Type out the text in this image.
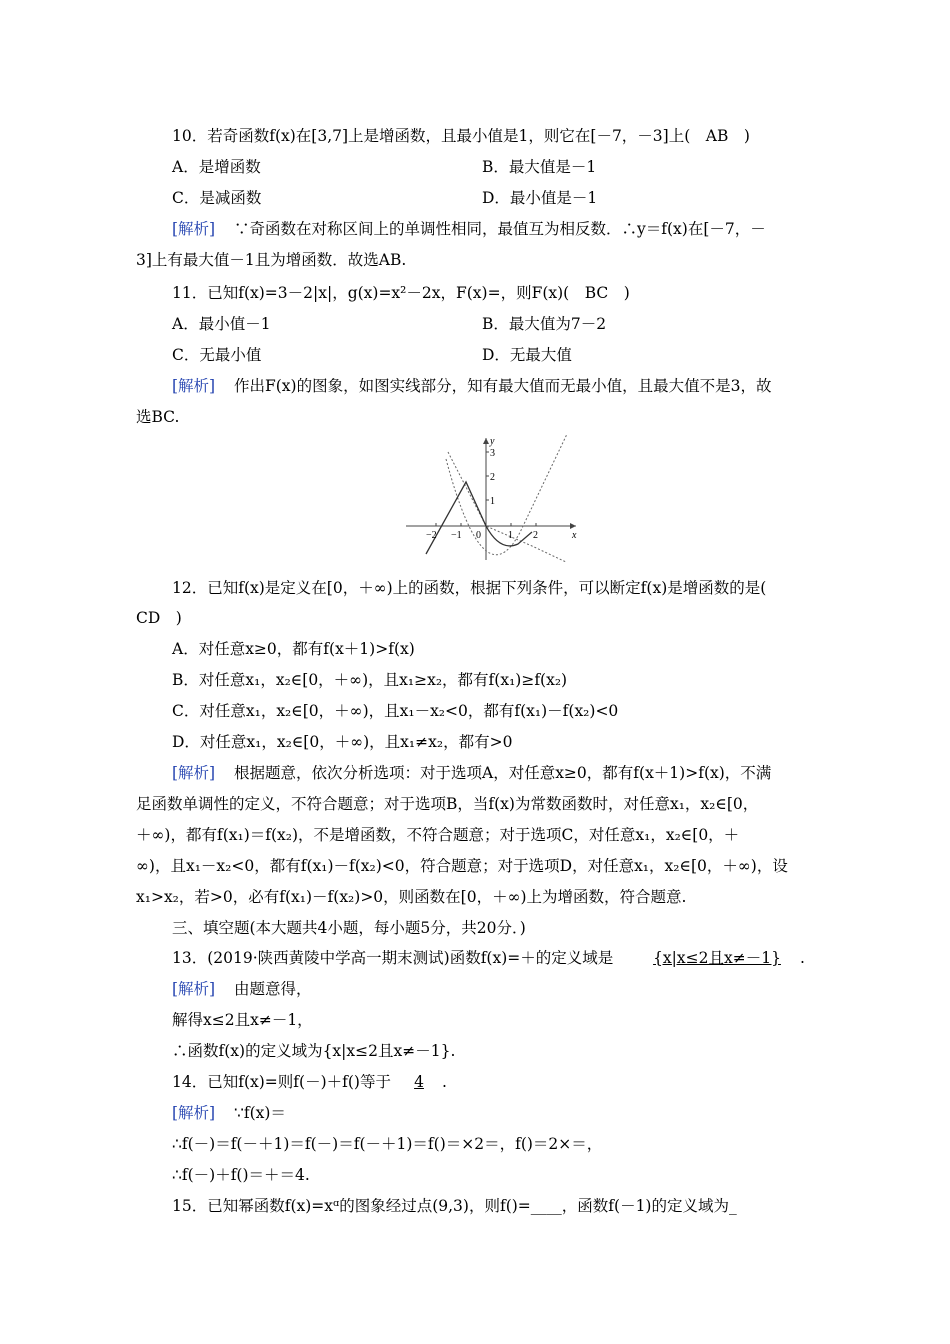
10．若奇函数f(x)在[3,7]上是增函数，且最小值是1，则它在[－7，－3]上(　AB　)
A．是增函数	B．最大值是－1
C．是减函数	D．最小值是－1
[解析] ∵奇函数在对称区间上的单调性相同，最值互为相反数．∴y＝f(x)在[－7，－
3]上有最大值－1且为增函数．故选AB.
11．已知f(x)=3－2|x|，g(x)=x²－2x，F(x)=，则F(x)(　BC　)
A．最小值－1	B．最大值为7－2
C．无最小值	D．无最大值
[解析] 作出F(x)的图象，如图实线部分，知有最大值而无最小值，且最大值不是3，故
选BC.
−2 −1 0	1 2	x
y
3
2
1
12．已知f(x)是定义在[0，＋∞)上的函数，根据下列条件，可以断定f(x)是增函数的是(
CD　)
A．对任意x≥0，都有f(x＋1)>f(x)
B．对任意x₁，x₂∈[0，＋∞)，且x₁≥x₂，都有f(x₁)≥f(x₂)
C．对任意x₁，x₂∈[0，＋∞)，且x₁－x₂<0，都有f(x₁)－f(x₂)<0
D．对任意x₁，x₂∈[0，＋∞)，且x₁≠x₂，都有>0
[解析] 根据题意，依次分析选项：对于选项A，对任意x≥0，都有f(x＋1)>f(x)，不满
足函数单调性的定义，不符合题意；对于选项B，当f(x)为常数函数时，对任意x₁，x₂∈[0，
＋∞)，都有f(x₁)＝f(x₂)，不是增函数，不符合题意；对于选项C，对任意x₁，x₂∈[0，＋
∞)，且x₁－x₂<0，都有f(x₁)－f(x₂)<0，符合题意；对于选项D，对任意x₁，x₂∈[0，＋∞)，设
x₁>x₂，若>0，必有f(x₁)－f(x₂)>0，则函数在[0，＋∞)上为增函数，符合题意.
三、填空题(本大题共4小题，每小题5分，共20分．)
13．(2019·陕西黄陵中学高一期末测试)函数f(x)=＋的定义域是	{x|x≤2且x≠－1}	.
[解析] 由题意得，
解得x≤2且x≠－1，
∴函数f(x)的定义域为{x|x≤2且x≠－1}.
14．已知f(x)=则f(－)＋f()等于	4	.
[解析] ∵f(x)＝
∴f(－)＝f(－＋1)＝f(－)＝f(－＋1)＝f()＝×2＝，f()＝2×＝，
∴f(－)＋f()＝＋＝4.
15．已知幂函数f(x)=xᵅ的图象经过点(9,3)，则f()=____，函数f(－1)的定义域为_
